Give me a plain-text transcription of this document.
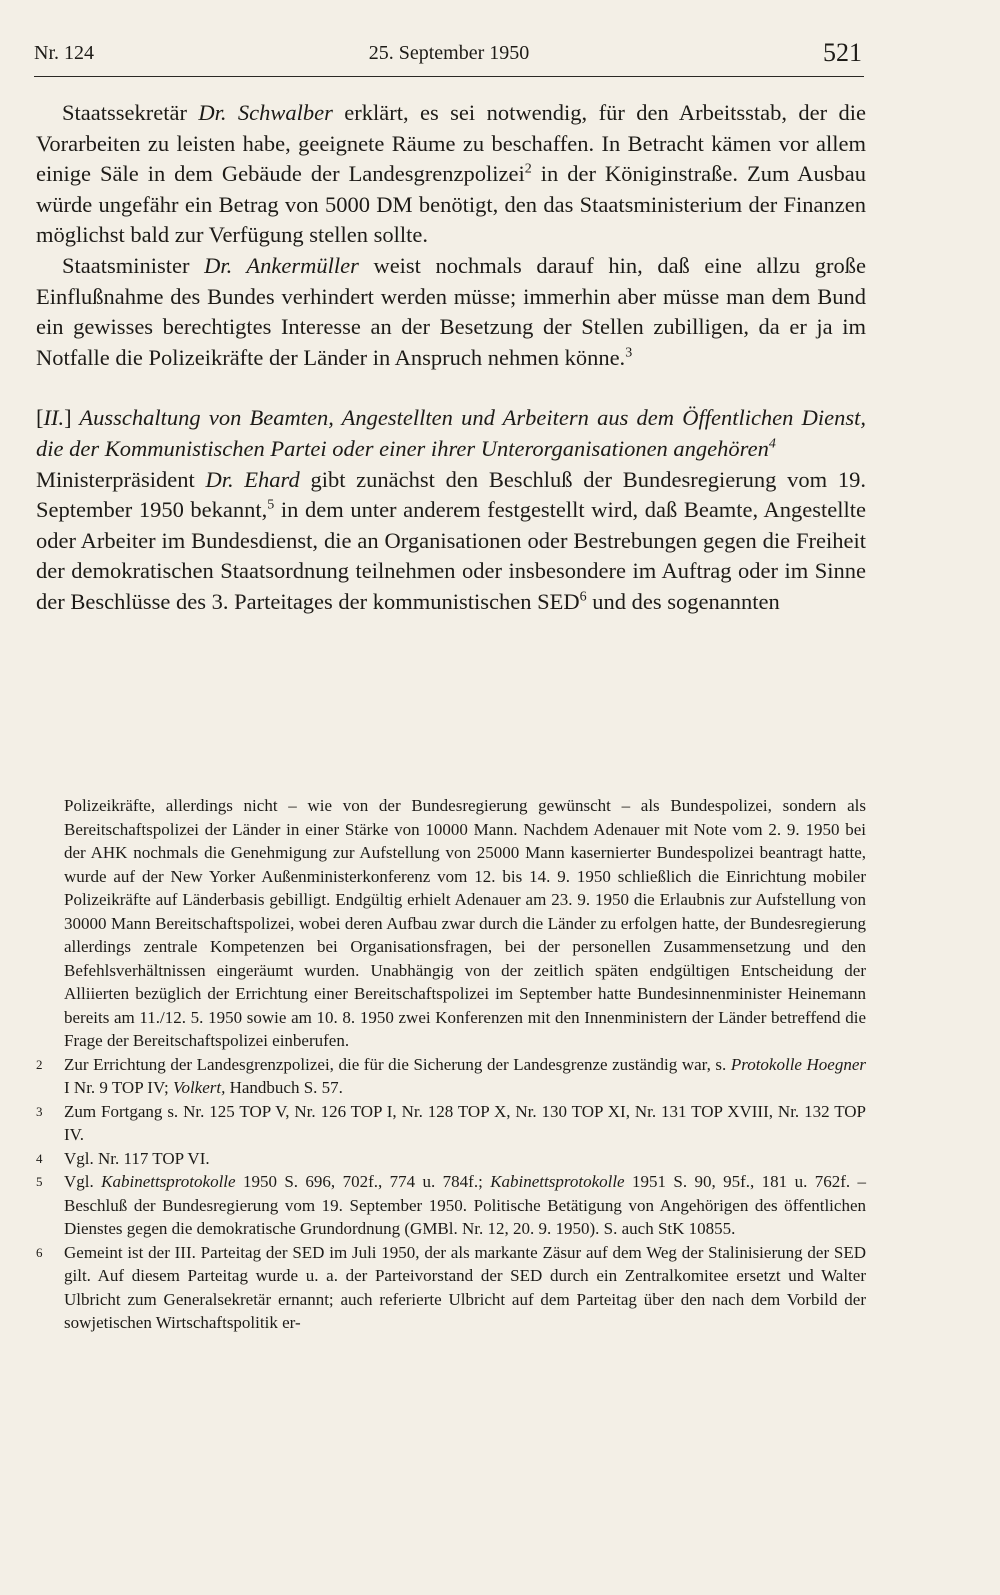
Nr. 124	25. September 1950	521

Staatssekretär Dr. Schwalber erklärt, es sei notwendig, für den Arbeitsstab, der die Vorarbeiten zu leisten habe, geeignete Räume zu beschaffen. In Betracht kämen vor allem einige Säle in dem Gebäude der Landesgrenzpolizei$^2$ in der Königinstraße. Zum Ausbau würde ungefähr ein Betrag von 5000 DM benötigt, den das Staatsministerium der Finanzen möglichst bald zur Verfügung stellen sollte.

Staatsminister Dr. Ankermüller weist nochmals darauf hin, daß eine allzu große Einflußnahme des Bundes verhindert werden müsse; immerhin aber müsse man dem Bund ein gewisses berechtigtes Interesse an der Besetzung der Stellen zubilligen, da er ja im Notfalle die Polizeikräfte der Länder in Anspruch nehmen könne.$^3$

[II.] Ausschaltung von Beamten, Angestellten und Arbeitern aus dem Öffentlichen Dienst, die der Kommunistischen Partei oder einer ihrer Unterorganisationen angehören$^4$

Ministerpräsident Dr. Ehard gibt zunächst den Beschluß der Bundesregierung vom 19. September 1950 bekannt,$^5$ in dem unter anderem festgestellt wird, daß Beamte, Angestellte oder Arbeiter im Bundesdienst, die an Organisationen oder Bestrebungen gegen die Freiheit der demokratischen Staatsordnung teilnehmen oder insbesondere im Auftrag oder im Sinne der Beschlüsse des 3. Parteitages der kommunistischen SED$^6$ und des sogenannten

Polizeikräfte, allerdings nicht – wie von der Bundesregierung gewünscht – als Bundespolizei, sondern als Bereitschaftspolizei der Länder in einer Stärke von 10000 Mann. Nachdem Adenauer mit Note vom 2. 9. 1950 bei der AHK nochmals die Genehmigung zur Aufstellung von 25000 Mann kasernierter Bundespolizei beantragt hatte, wurde auf der New Yorker Außenministerkonferenz vom 12. bis 14. 9. 1950 schließlich die Einrichtung mobiler Polizeikräfte auf Länderbasis gebilligt. Endgültig erhielt Adenauer am 23. 9. 1950 die Erlaubnis zur Aufstellung von 30000 Mann Bereitschaftspolizei, wobei deren Aufbau zwar durch die Länder zu erfolgen hatte, der Bundesregierung allerdings zentrale Kompetenzen bei Organisationsfragen, bei der personellen Zusammensetzung und den Befehlsverhältnissen eingeräumt wurden. Unabhängig von der zeitlich späten endgültigen Entscheidung der Alliierten bezüglich der Errichtung einer Bereitschaftspolizei im September hatte Bundesinnenminister Heinemann bereits am 11./12. 5. 1950 sowie am 10. 8. 1950 zwei Konferenzen mit den Innenministern der Länder betreffend die Frage der Bereitschaftspolizei einberufen.

2 Zur Errichtung der Landesgrenzpolizei, die für die Sicherung der Landesgrenze zuständig war, s. Protokolle Hoegner I Nr. 9 TOP IV; Volkert, Handbuch S. 57.

3 Zum Fortgang s. Nr. 125 TOP V, Nr. 126 TOP I, Nr. 128 TOP X, Nr. 130 TOP XI, Nr. 131 TOP XVIII, Nr. 132 TOP IV.

4 Vgl. Nr. 117 TOP VI.

5 Vgl. Kabinettsprotokolle 1950 S. 696, 702f., 774 u. 784f.; Kabinettsprotokolle 1951 S. 90, 95f., 181 u. 762f. – Beschluß der Bundesregierung vom 19. September 1950. Politische Betätigung von Angehörigen des öffentlichen Dienstes gegen die demokratische Grundordnung (GMBl. Nr. 12, 20. 9. 1950). S. auch StK 10855.

6 Gemeint ist der III. Parteitag der SED im Juli 1950, der als markante Zäsur auf dem Weg der Stalinisierung der SED gilt. Auf diesem Parteitag wurde u. a. der Parteivorstand der SED durch ein Zentralkomitee ersetzt und Walter Ulbricht zum Generalsekretär ernannt; auch referierte Ulbricht auf dem Parteitag über den nach dem Vorbild der sowjetischen Wirtschaftspolitik er-
